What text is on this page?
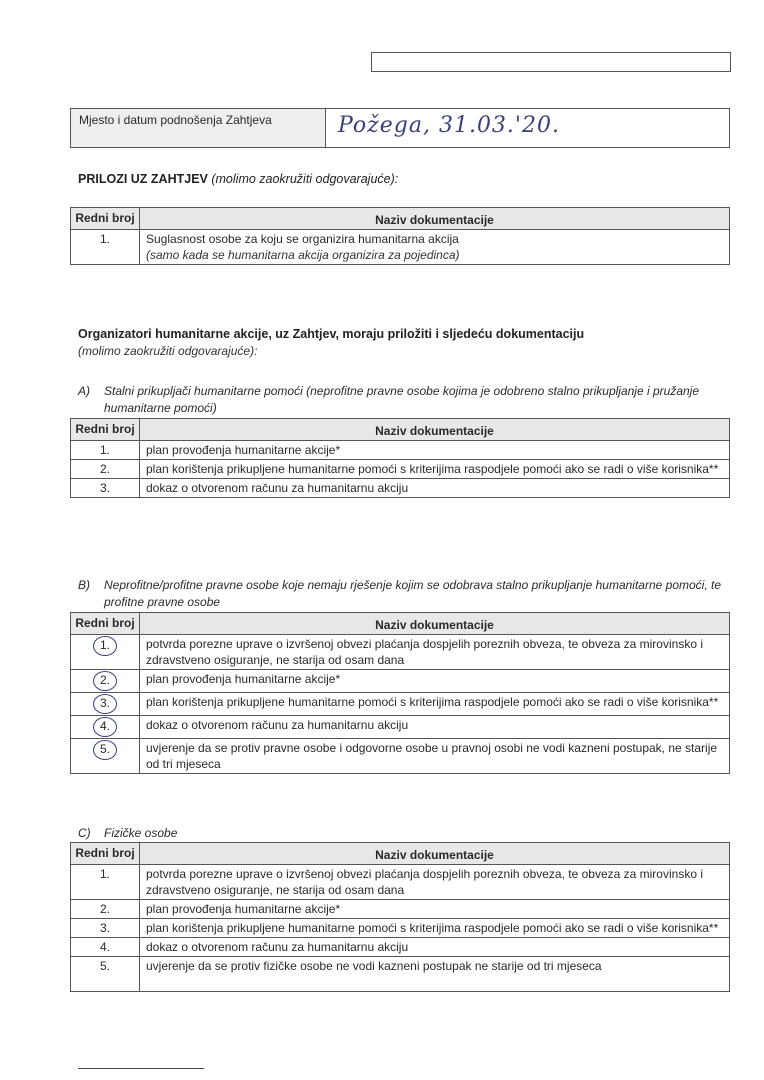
Mjesto i datum podnošenja Zahtjeva	Požega, 31.03.'20.
PRILOZI UZ ZAHTJEV (molimo zaokružiti odgovarajuće):
Redni broj	Naziv dokumentacije
1.	Suglasnost osobe za koju se organizira humanitarna akcija
(samo kada se humanitarna akcija organizira za pojedinca)
Organizatori humanitarne akcije, uz Zahtjev, moraju priložiti i sljedeću dokumentaciju
(molimo zaokružiti odgovarajuće):
A) Stalni prikupljači humanitarne pomoći (neprofitne pravne osobe kojima je odobreno stalno prikupljanje i pružanje humanitarne pomoći)
Redni broj	Naziv dokumentacije
1.	plan provođenja humanitarne akcije*
2.	plan korištenja prikupljene humanitarne pomoći s kriterijima raspodjele pomoći ako se radi o više korisnika**
3.	dokaz o otvorenom računu za humanitarnu akciju
B) Neprofitne/profitne pravne osobe koje nemaju rješenje kojim se odobrava stalno prikupljanje humanitarne pomoći, te profitne pravne osobe
Redni broj	Naziv dokumentacije
1.	potvrda porezne uprave o izvršenoj obvezi plaćanja dospjelih poreznih obveza, te obveza za mirovinsko i zdravstveno osiguranje, ne starija od osam dana
2.	plan provođenja humanitarne akcije*
3.	plan korištenja prikupljene humanitarne pomoći s kriterijima raspodjele pomoći ako se radi o više korisnika**
4.	dokaz o otvorenom računu za humanitarnu akciju
5.	uvjerenje da se protiv pravne osobe i odgovorne osobe u pravnoj osobi ne vodi kazneni postupak, ne starije od tri mjeseca
C) Fizičke osobe
Redni broj	Naziv dokumentacije
1.	potvrda porezne uprave o izvršenoj obvezi plaćanja dospjelih poreznih obveza, te obveza za mirovinsko i zdravstveno osiguranje, ne starija od osam dana
2.	plan provođenja humanitarne akcije*
3.	plan korištenja prikupljene humanitarne pomoći s kriterijima raspodjele pomoći ako se radi o više korisnika**
4.	dokaz o otvorenom računu za humanitarnu akciju
5.	uvjerenje da se protiv fizičke osobe ne vodi kazneni postupak ne starije od tri mjeseca
